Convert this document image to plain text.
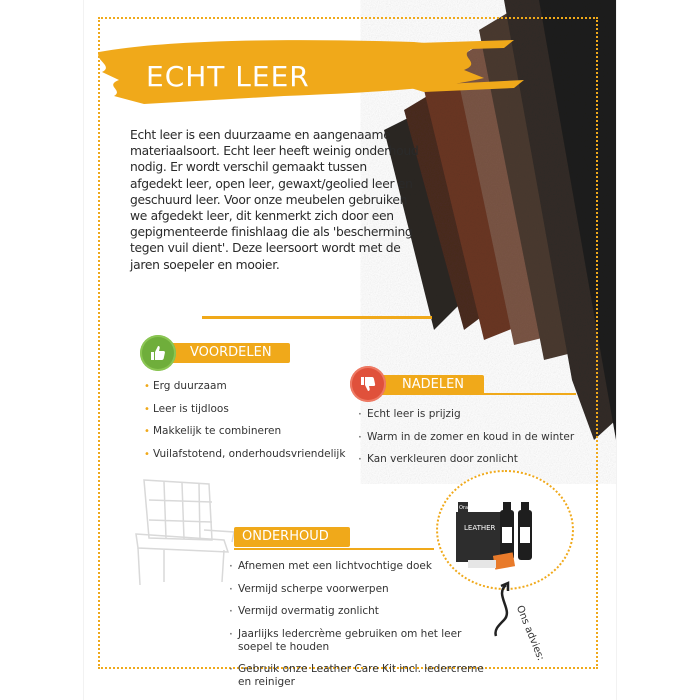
ECHT LEER

Echt leer is een duurzaame en aangenaame materiaalsoort. Echt leer heeft weinig onderhoud nodig. Er wordt verschil gemaakt tussen afgedekt leer, open leer, gewaxt/geolied leer en geschuurd leer. Voor onze meubelen gebruiken we afgedekt leer, dit kenmerkt zich door een gepigmenteerde finishlaag die als 'bescherming tegen vuil dient'. Deze leersoort wordt met de jaren soepeler en mooier.

VOORDELEN
• Erg duurzaam
• Leer is tijdloos
• Makkelijk te combineren
• Vuilafstotend, onderhoudsvriendelijk
NADELEN
· Echt leer is prijzig
· Warm in de zomer en koud in de winter
· Kan verkleuren door zonlicht
ONDERHOUD
· Afnemen met een lichtvochtige doek
· Vermijd scherpe voorwerpen
· Vermijd overmatig zonlicht
· Jaarlijks ledercrème gebruiken om het leer soepel te houden
· Gebruik onze Leather Care Kit incl. ledercreme en reiniger
Oranje
LEATHER
Ons advies:
